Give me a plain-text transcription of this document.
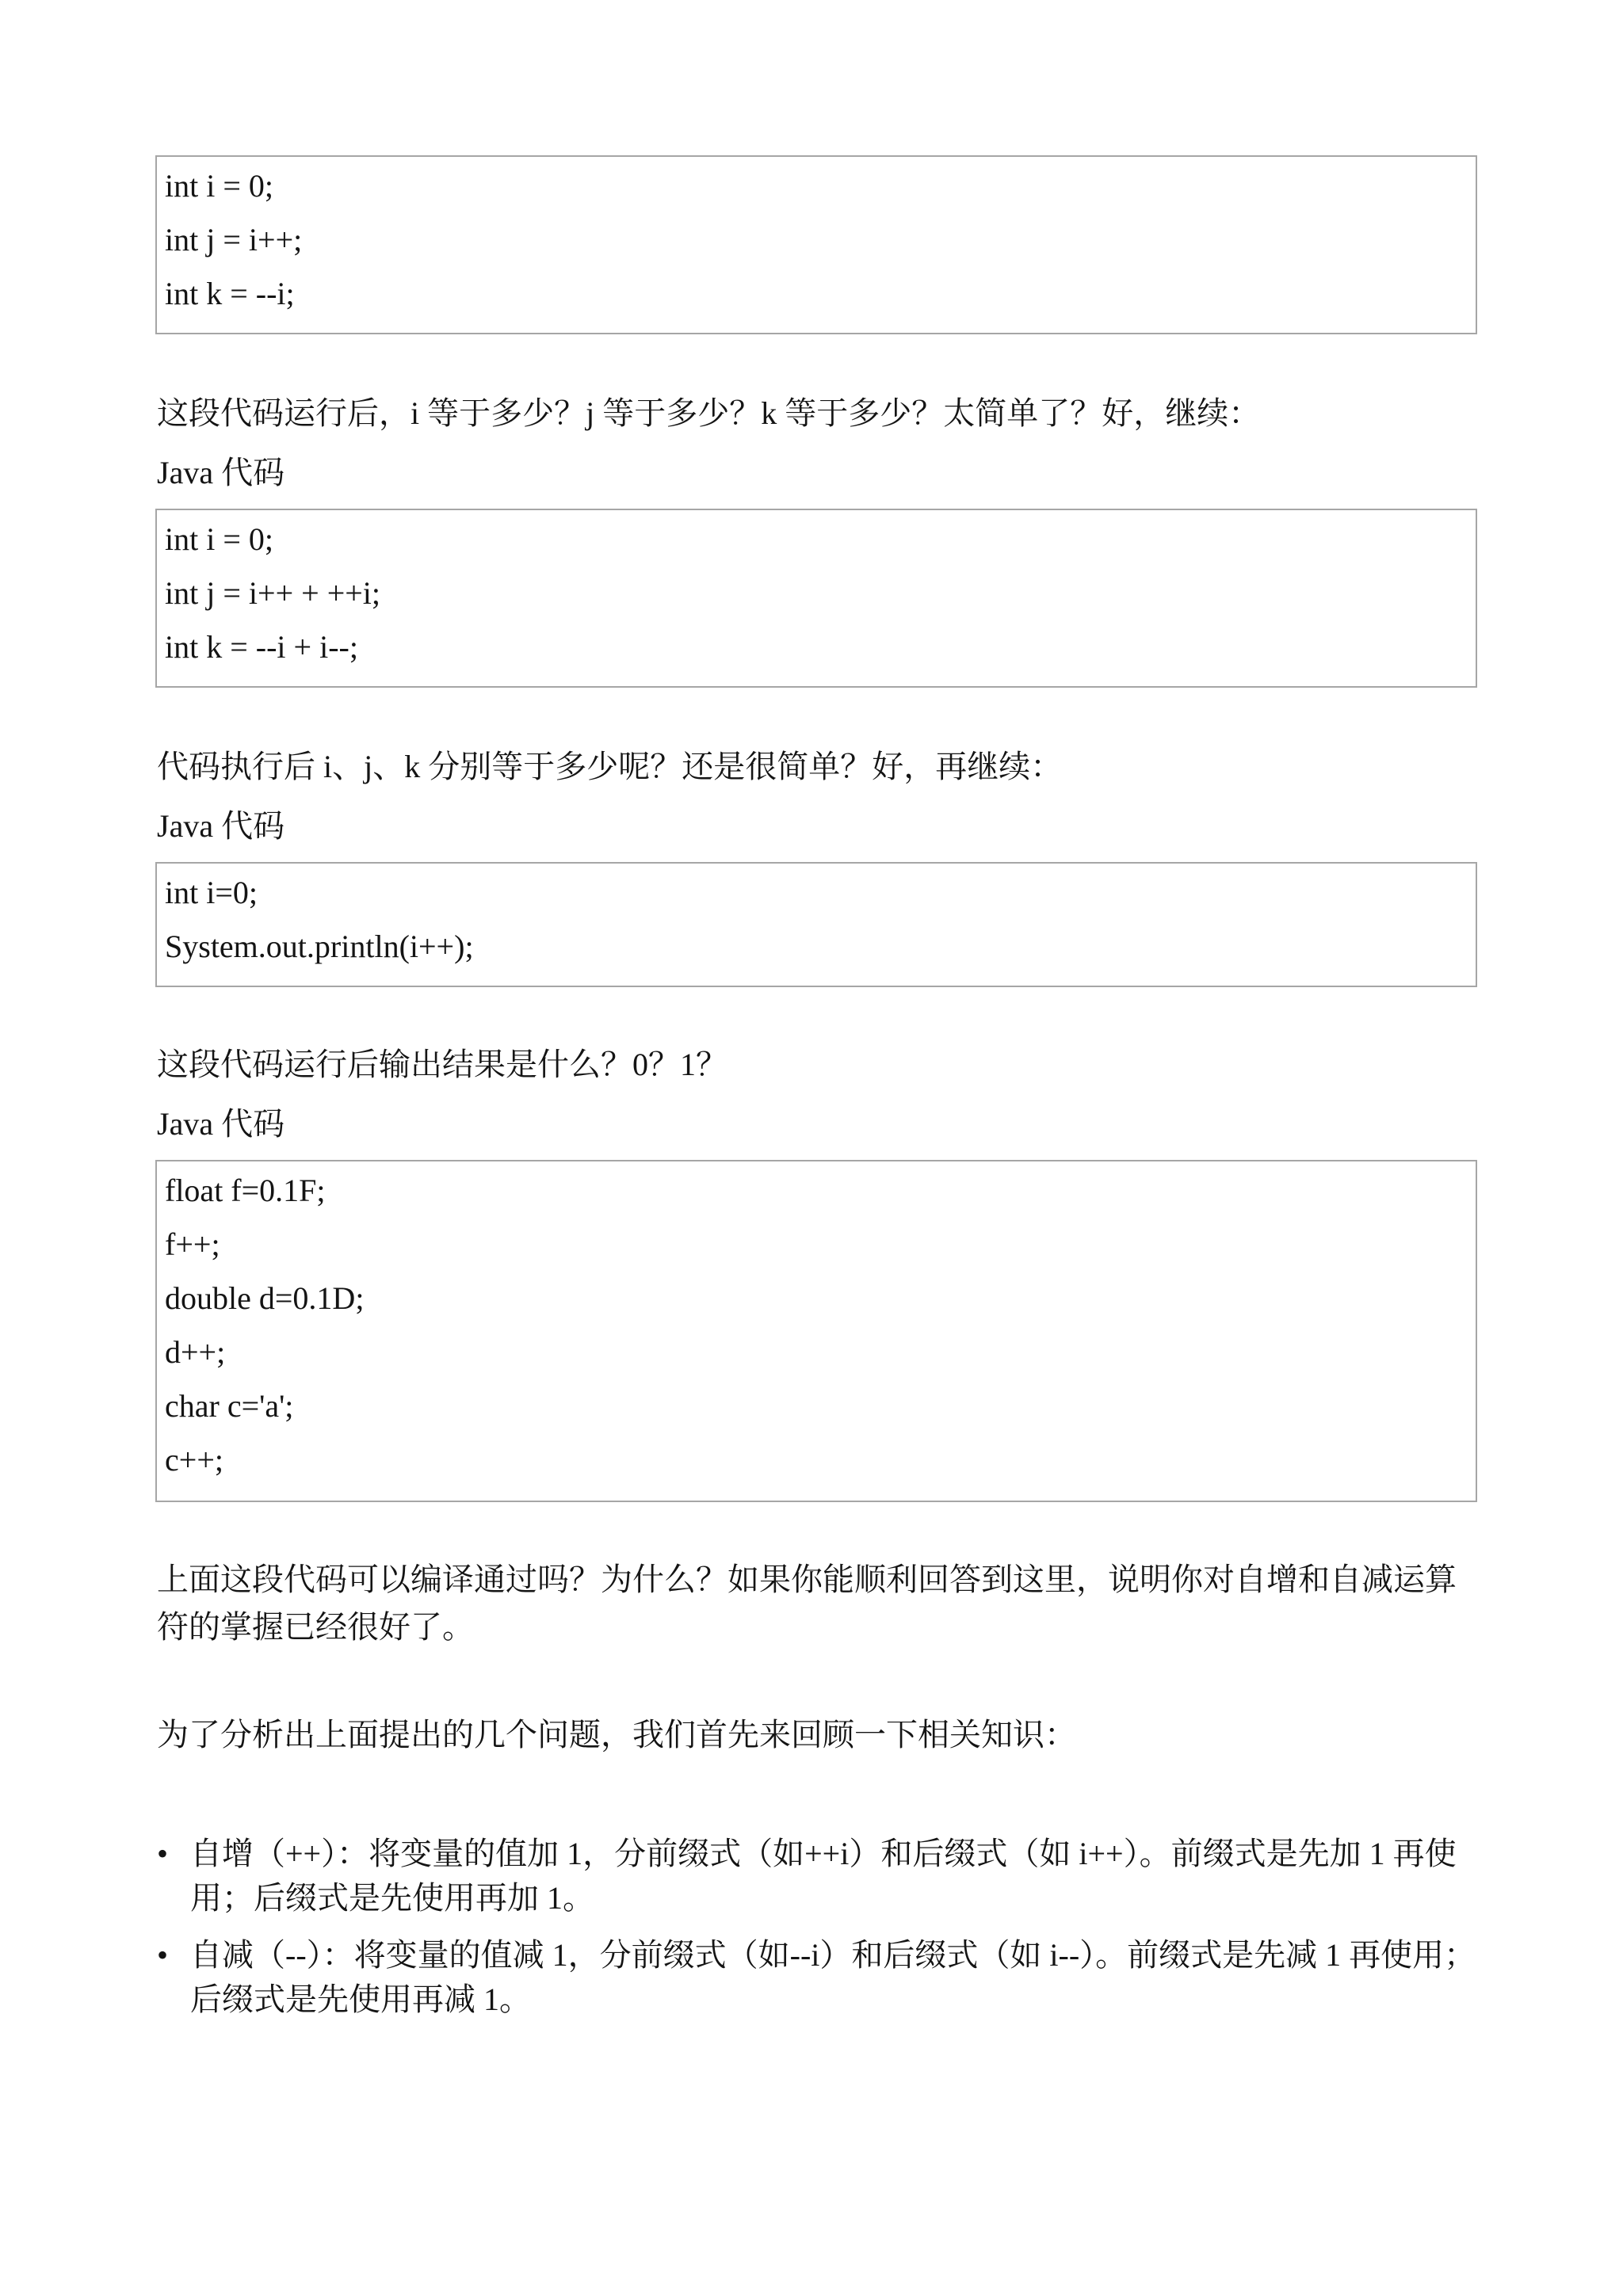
int i = 0;
int j = i++;
int k = --i;
这段代码运行后，i 等于多少？j 等于多少？k 等于多少？太简单了？好，继续：
Java 代码
int i = 0;
int j = i++ + ++i;
int k = --i + i--;
代码执行后 i、j、k 分别等于多少呢？还是很简单？好，再继续：
Java 代码
int i=0;
System.out.println(i++);
这段代码运行后输出结果是什么？0？1？
Java 代码
float f=0.1F;
f++;
double d=0.1D;
d++;
char c='a';
c++;
上面这段代码可以编译通过吗？为什么？如果你能顺利回答到这里，说明你对自增和自减运算符的掌握已经很好了。
为了分析出上面提出的几个问题，我们首先来回顾一下相关知识：
• 自增（++）：将变量的值加 1，分前缀式（如++i）和后缀式（如 i++）。前缀式是先加 1 再使用；后缀式是先使用再加 1。
• 自减（--）：将变量的值减 1，分前缀式（如--i）和后缀式（如 i--）。前缀式是先减 1 再使用；后缀式是先使用再减 1。
